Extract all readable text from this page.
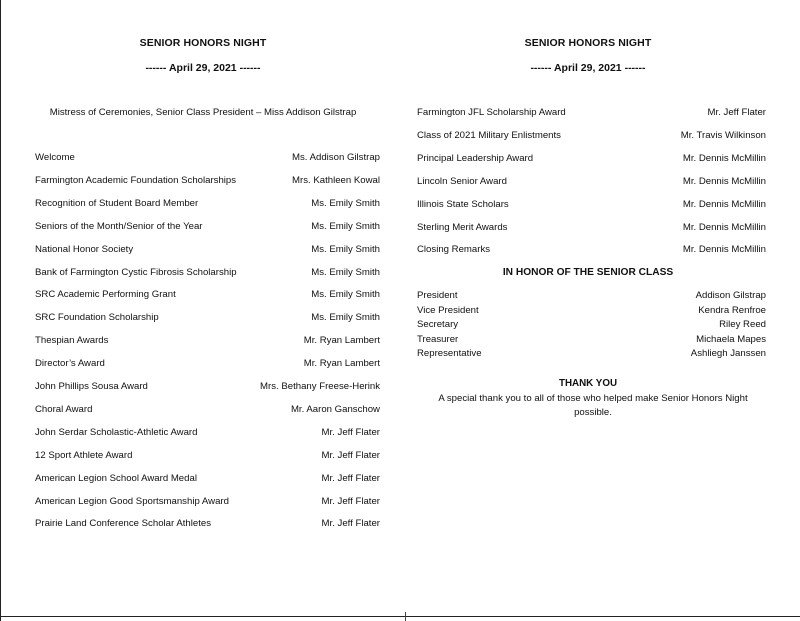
SENIOR HONORS NIGHT
------ April 29, 2021 ------
Mistress of Ceremonies, Senior Class President – Miss Addison Gilstrap
Welcome	Ms. Addison Gilstrap
Farmington Academic Foundation Scholarships	Mrs. Kathleen Kowal
Recognition of Student Board Member	Ms. Emily Smith
Seniors of the Month/Senior of the Year	Ms. Emily Smith
National Honor Society	Ms. Emily Smith
Bank of Farmington Cystic Fibrosis Scholarship	Ms. Emily Smith
SRC Academic Performing Grant	Ms. Emily Smith
SRC Foundation Scholarship	Ms. Emily Smith
Thespian Awards	Mr. Ryan Lambert
Director’s Award	Mr. Ryan Lambert
John Phillips Sousa Award	Mrs. Bethany Freese-Herink
Choral Award	Mr. Aaron Ganschow
John Serdar Scholastic-Athletic Award	Mr. Jeff Flater
12 Sport Athlete Award	Mr. Jeff Flater
American Legion School Award Medal	Mr. Jeff Flater
American Legion Good Sportsmanship Award	Mr. Jeff Flater
Prairie Land Conference Scholar Athletes	Mr. Jeff Flater
SENIOR HONORS NIGHT
------ April 29, 2021 ------
Farmington JFL Scholarship Award	Mr. Jeff Flater
Class of 2021 Military Enlistments	Mr. Travis Wilkinson
Principal Leadership Award	Mr. Dennis McMillin
Lincoln Senior Award	Mr. Dennis McMillin
Illinois State Scholars	Mr. Dennis McMillin
Sterling Merit Awards	Mr. Dennis McMillin
Closing Remarks	Mr. Dennis McMillin
IN HONOR OF THE SENIOR CLASS
President	Addison Gilstrap
Vice President	Kendra Renfroe
Secretary	Riley Reed
Treasurer	Michaela Mapes
Representative	Ashliegh Janssen
THANK YOU
A special thank you to all of those who helped make Senior Honors Night possible.
